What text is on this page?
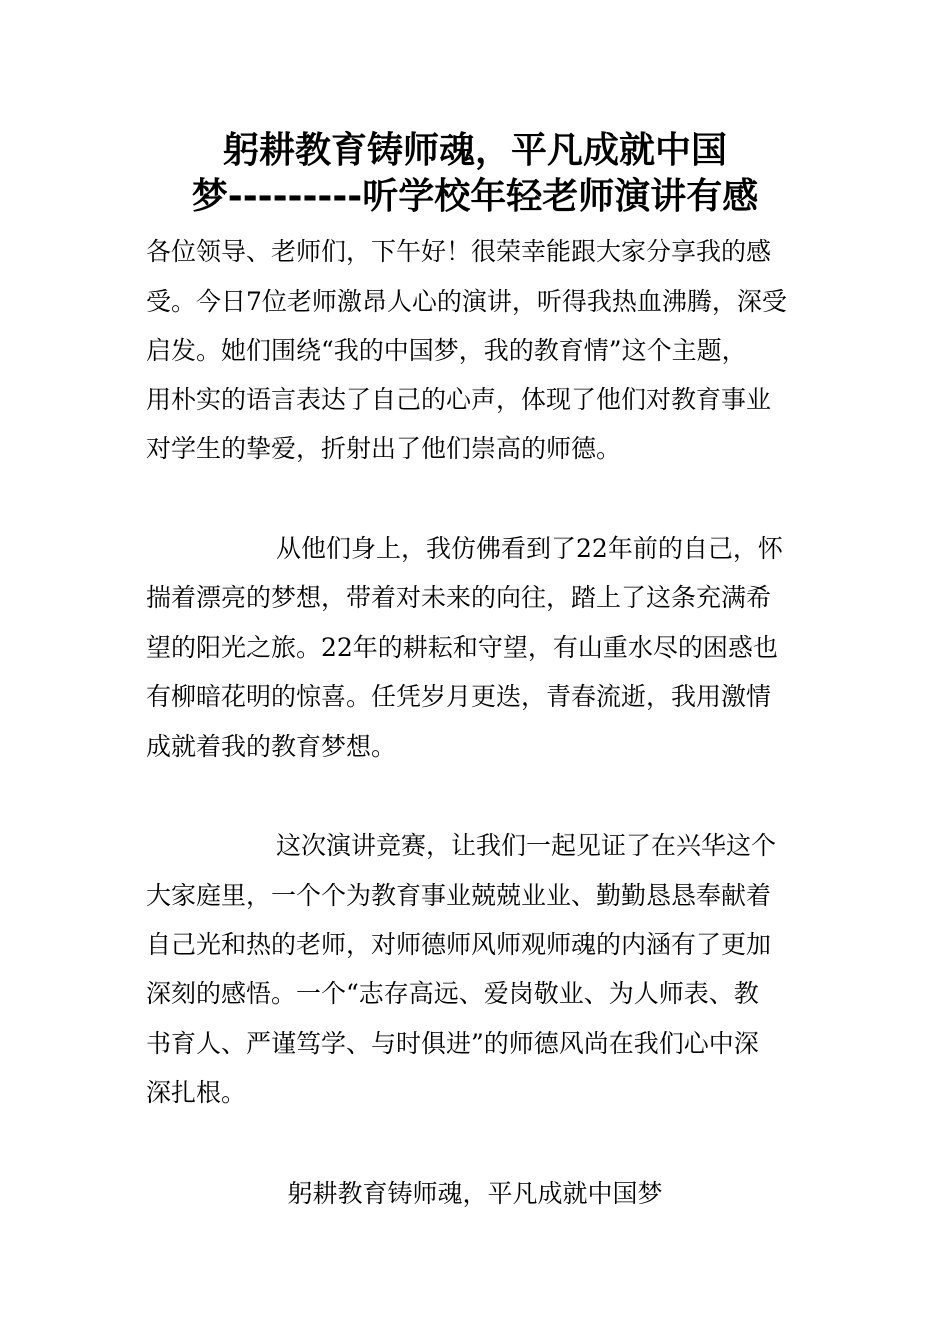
躬耕教育铸师魂，平凡成就中国
梦---------听学校年轻老师演讲有感
各位领导、老师们，下午好！很荣幸能跟大家分享我的感
受。今日7位老师激昂人心的演讲，听得我热血沸腾，深受
启发。她们围绕“我的中国梦，我的教育情”这个主题，
用朴实的语言表达了自己的心声，体现了他们对教育事业
对学生的挚爱，折射出了他们崇高的师德。
从他们身上，我仿佛看到了22年前的自己，怀
揣着漂亮的梦想，带着对未来的向往，踏上了这条充满希
望的阳光之旅。22年的耕耘和守望，有山重水尽的困惑也
有柳暗花明的惊喜。任凭岁月更迭，青春流逝，我用激情
成就着我的教育梦想。
这次演讲竞赛，让我们一起见证了在兴华这个
大家庭里，一个个为教育事业兢兢业业、勤勤恳恳奉献着
自己光和热的老师，对师德师风师观师魂的内涵有了更加
深刻的感悟。一个“志存高远、爱岗敬业、为人师表、教
书育人、严谨笃学、与时俱进”的师德风尚在我们心中深
深扎根。
躬耕教育铸师魂，平凡成就中国梦
